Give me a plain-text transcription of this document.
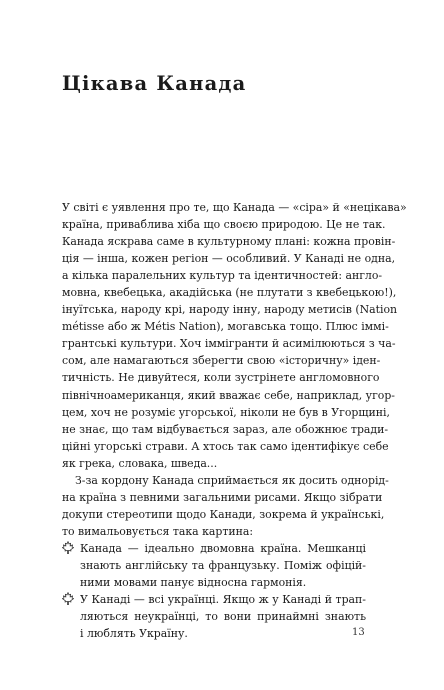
Цікава Канада
У світі є уявлення про те, що Канада — «сіра» й «нецікава»
країна, приваблива хіба що своєю природою. Це не так.
Канада яскрава саме в культурному плані: кожна провін-
ція — інша, кожен регіон — особливий. У Канаді не одна,
а кілька паралельних культур та ідентичностей: англо-
мовна, квебецька, акадійська (не плутати з квебецькою!),
інуїтська, народу крі, народу інну, народу метисів (Nation
métisse або ж Métis Nation), могавська тощо. Плюс іммі-
грантські культури. Хоч іммігранти й асимілюються з ча-
сом, але намагаються зберегти свою «історичну» іден-
тичність. Не дивуйтеся, коли зустрінете англомовного
північноамериканця, який вважає себе, наприклад, угор-
цем, хоч не розуміє угорської, ніколи не був в Угорщині,
не знає, що там відбувається зараз, але обожнює тради-
ційні угорські страви. А хтось так само ідентифікує себе
як грека, словака, шведа...
З-за кордону Канада сприймається як досить однорід-
на країна з певними загальними рисами. Якщо зібрати
докупи стереотипи щодо Канади, зокрема й українські,
то вимальовується така картина:
Канада — ідеально двомовна країна. Мешканці
знають англійську та французьку. Поміж офіцій-
ними мовами панує відносна гармонія.
У Канаді — всі українці. Якщо ж у Канаді й трап-
ляються неукраїнці, то вони принаймні знають
і люблять Україну.	13
